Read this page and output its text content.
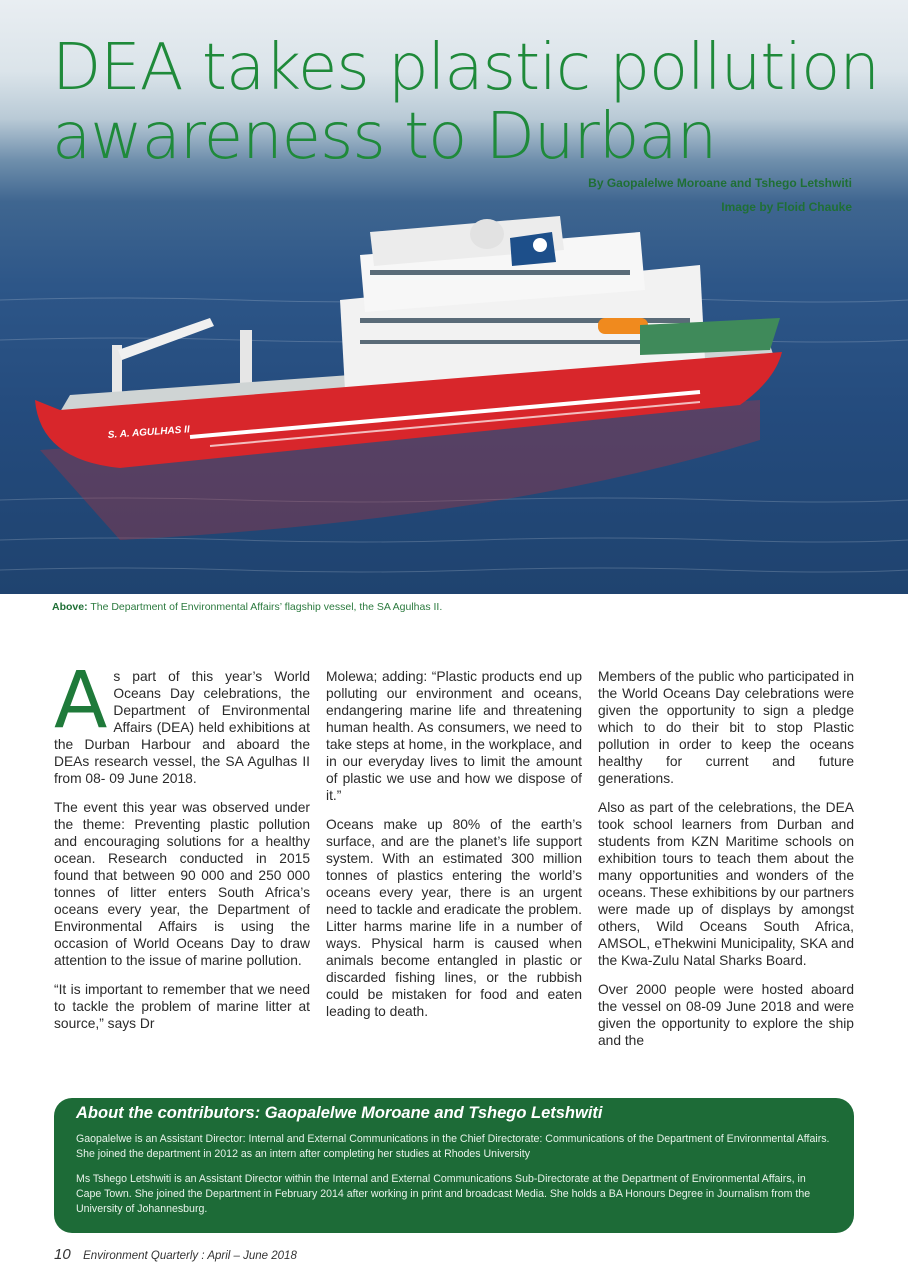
S. A. AGULHAS II
DEA takes plastic pollution awareness to Durban
By Gaopalelwe Moroane and Tshego Letshwiti
Image by Floid Chauke
Above: The Department of Environmental Affairs’ flagship vessel, the SA Agulhas II.

As part of this year’s World Oceans Day celebrations, the Department of Environmental Affairs (DEA) held exhibitions at the Durban Harbour and aboard the DEAs research vessel, the SA Agulhas II from 08- 09 June 2018.

The event this year was observed under the theme: Preventing plastic pollution and encouraging solutions for a healthy ocean. Research conducted in 2015 found that between 90 000 and 250 000 tonnes of litter enters South Africa’s oceans every year, the Department of Environmental Affairs is using the occasion of World Oceans Day to draw attention to the issue of marine pollution.

“It is important to remember that we need to tackle the problem of marine litter at source,” says Dr

Molewa; adding: “Plastic products end up polluting our environment and oceans, endangering marine life and threatening human health. As consumers, we need to take steps at home, in the workplace, and in our everyday lives to limit the amount of plastic we use and how we dispose of it.”

Oceans make up 80% of the earth’s surface, and are the planet’s life support system. With an estimated 300 million tonnes of plastics entering the world’s oceans every year, there is an urgent need to tackle and eradicate the problem. Litter harms marine life in a number of ways. Physical harm is caused when animals become entangled in plastic or discarded fishing lines, or the rubbish could be mistaken for food and eaten leading to death.

Members of the public who participated in the World Oceans Day celebrations were given the opportunity to sign a pledge which to do their bit to stop Plastic pollution in order to keep the oceans healthy for current and future generations.

Also as part of the celebrations, the DEA took school learners from Durban and students from KZN Maritime schools on exhibition tours to teach them about the many opportunities and wonders of the oceans. These exhibitions by our partners were made up of displays by amongst others, Wild Oceans South Africa, AMSOL, eThekwini Municipality, SKA and the Kwa-Zulu Natal Sharks Board.

Over 2000 people were hosted aboard the vessel on 08-09 June 2018 and were given the opportunity to explore the ship and the

About the contributors: Gaopalelwe Moroane and Tshego Letshwiti

Gaopalelwe is an Assistant Director: Internal and External Communications in the Chief Directorate: Communications of the Department of Environmental Affairs. She joined the department in 2012 as an intern after completing her studies at Rhodes University

Ms Tshego Letshwiti is an Assistant Director within the Internal and External Communications Sub-Directorate at the Department of Environmental Affairs, in Cape Town. She joined the Department in February 2014 after working in print and broadcast Media. She holds a BA Honours Degree in Journalism from the University of Johannesburg.

10 Environment Quarterly : April – June 2018
